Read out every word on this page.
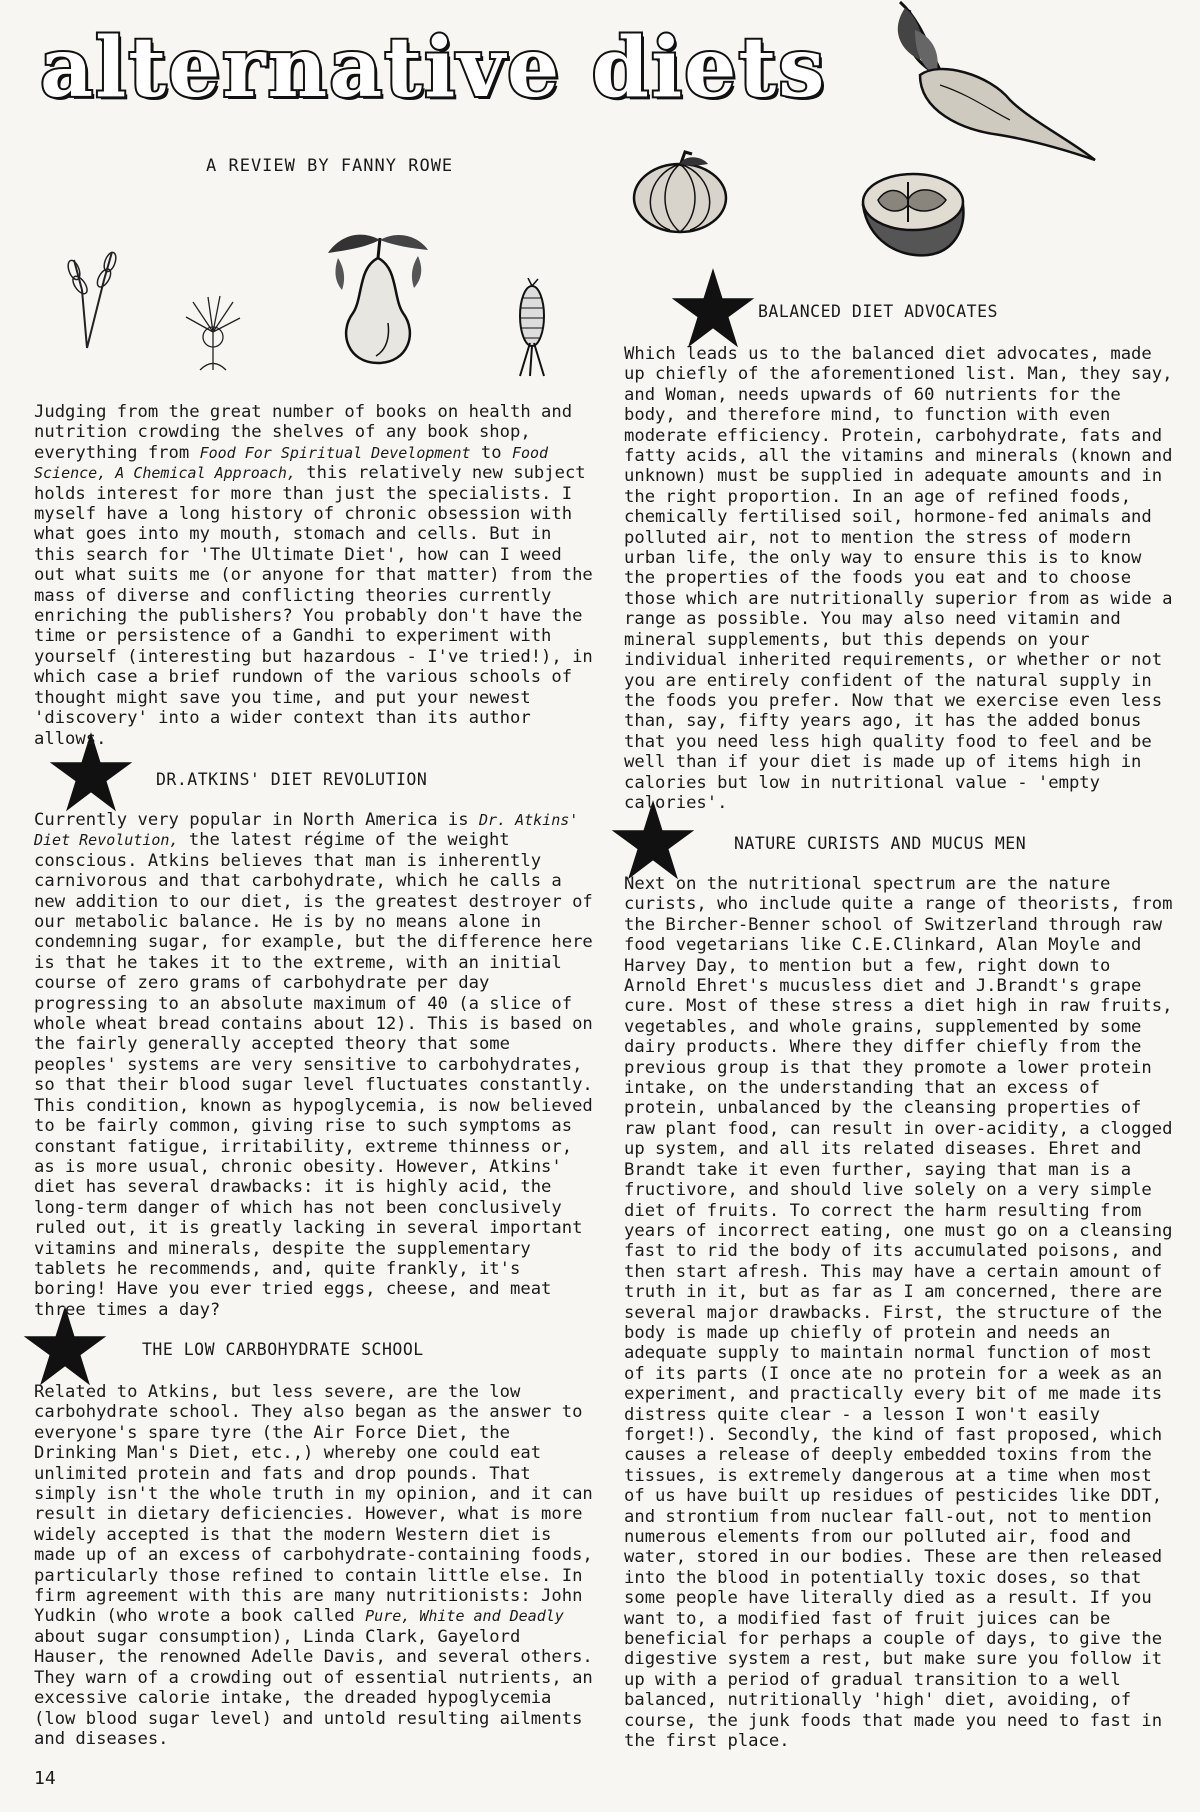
alternative diets
A REVIEW BY FANNY ROWE
BALANCED DIET ADVOCATES
DR.ATKINS' DIET REVOLUTION
NATURE CURISTS AND MUCUS MEN
THE LOW CARBOHYDRATE SCHOOL

Judging from the great number of books on health and nutrition crowding the shelves of any book shop, everything from Food For Spiritual Development to Food Science, A Chemical Approach, this relatively new subject holds interest for more than just the specialists. I myself have a long history of chronic obsession with what goes into my mouth, stomach and cells. But in this search for 'The Ultimate Diet', how can I weed out what suits me (or anyone for that matter) from the mass of diverse and conflicting theories currently enriching the publishers? You probably don't have the time or persistence of a Gandhi to experiment with yourself (interesting but hazardous - I've tried!), in which case a brief rundown of the various schools of thought might save you time, and put your newest 'discovery' into a wider context than its author allows.

Currently very popular in North America is Dr. Atkins' Diet Revolution, the latest régime of the weight conscious. Atkins believes that man is inherently carnivorous and that carbohydrate, which he calls a new addition to our diet, is the greatest destroyer of our metabolic balance. He is by no means alone in condemning sugar, for example, but the difference here is that he takes it to the extreme, with an initial course of zero grams of carbohydrate per day progressing to an absolute maximum of 40 (a slice of whole wheat bread contains about 12). This is based on the fairly generally accepted theory that some peoples' systems are very sensitive to carbohydrates, so that their blood sugar level fluctuates constantly. This condition, known as hypoglycemia, is now believed to be fairly common, giving rise to such symptoms as constant fatigue, irritability, extreme thinness or, as is more usual, chronic obesity. However, Atkins' diet has several drawbacks: it is highly acid, the long-term danger of which has not been conclusively ruled out, it is greatly lacking in several important vitamins and minerals, despite the supplementary tablets he recommends, and, quite frankly, it's boring! Have you ever tried eggs, cheese, and meat three times a day?

Related to Atkins, but less severe, are the low carbohydrate school. They also began as the answer to everyone's spare tyre (the Air Force Diet, the Drinking Man's Diet, etc.,) whereby one could eat unlimited protein and fats and drop pounds. That simply isn't the whole truth in my opinion, and it can result in dietary deficiencies. However, what is more widely accepted is that the modern Western diet is made up of an excess of carbohydrate-containing foods, particularly those refined to contain little else. In firm agreement with this are many nutritionists: John Yudkin (who wrote a book called Pure, White and Deadly about sugar consumption), Linda Clark, Gayelord Hauser, the renowned Adelle Davis, and several others. They warn of a crowding out of essential nutrients, an excessive calorie intake, the dreaded hypoglycemia (low blood sugar level) and untold resulting ailments and diseases.

Which leads us to the balanced diet advocates, made up chiefly of the aforementioned list. Man, they say, and Woman, needs upwards of 60 nutrients for the body, and therefore mind, to function with even moderate efficiency. Protein, carbohydrate, fats and fatty acids, all the vitamins and minerals (known and unknown) must be supplied in adequate amounts and in the right proportion. In an age of refined foods, chemically fertilised soil, hormone-fed animals and polluted air, not to mention the stress of modern urban life, the only way to ensure this is to know the properties of the foods you eat and to choose those which are nutritionally superior from as wide a range as possible. You may also need vitamin and mineral supplements, but this depends on your individual inherited requirements, or whether or not you are entirely confident of the natural supply in the foods you prefer. Now that we exercise even less than, say, fifty years ago, it has the added bonus that you need less high quality food to feel and be well than if your diet is made up of items high in calories but low in nutritional value - 'empty calories'.

Next on the nutritional spectrum are the nature curists, who include quite a range of theorists, from the Bircher-Benner school of Switzerland through raw food vegetarians like C.E.Clinkard, Alan Moyle and Harvey Day, to mention but a few, right down to Arnold Ehret's mucusless diet and J.Brandt's grape cure. Most of these stress a diet high in raw fruits, vegetables, and whole grains, supplemented by some dairy products. Where they differ chiefly from the previous group is that they promote a lower protein intake, on the understanding that an excess of protein, unbalanced by the cleansing properties of raw plant food, can result in over-acidity, a clogged up system, and all its related diseases. Ehret and Brandt take it even further, saying that man is a fructivore, and should live solely on a very simple diet of fruits. To correct the harm resulting from years of incorrect eating, one must go on a cleansing fast to rid the body of its accumulated poisons, and then start afresh. This may have a certain amount of truth in it, but as far as I am concerned, there are several major drawbacks. First, the structure of the body is made up chiefly of protein and needs an adequate supply to maintain normal function of most of its parts (I once ate no protein for a week as an experiment, and practically every bit of me made its distress quite clear - a lesson I won't easily forget!). Secondly, the kind of fast proposed, which causes a release of deeply embedded toxins from the tissues, is extremely dangerous at a time when most of us have built up residues of pesticides like DDT, and strontium from nuclear fall-out, not to mention numerous elements from our polluted air, food and water, stored in our bodies. These are then released into the blood in potentially toxic doses, so that some people have literally died as a result. If you want to, a modified fast of fruit juices can be beneficial for perhaps a couple of days, to give the digestive system a rest, but make sure you follow it up with a period of gradual transition to a well balanced, nutritionally 'high' diet, avoiding, of course, the junk foods that made you need to fast in the first place.

14
